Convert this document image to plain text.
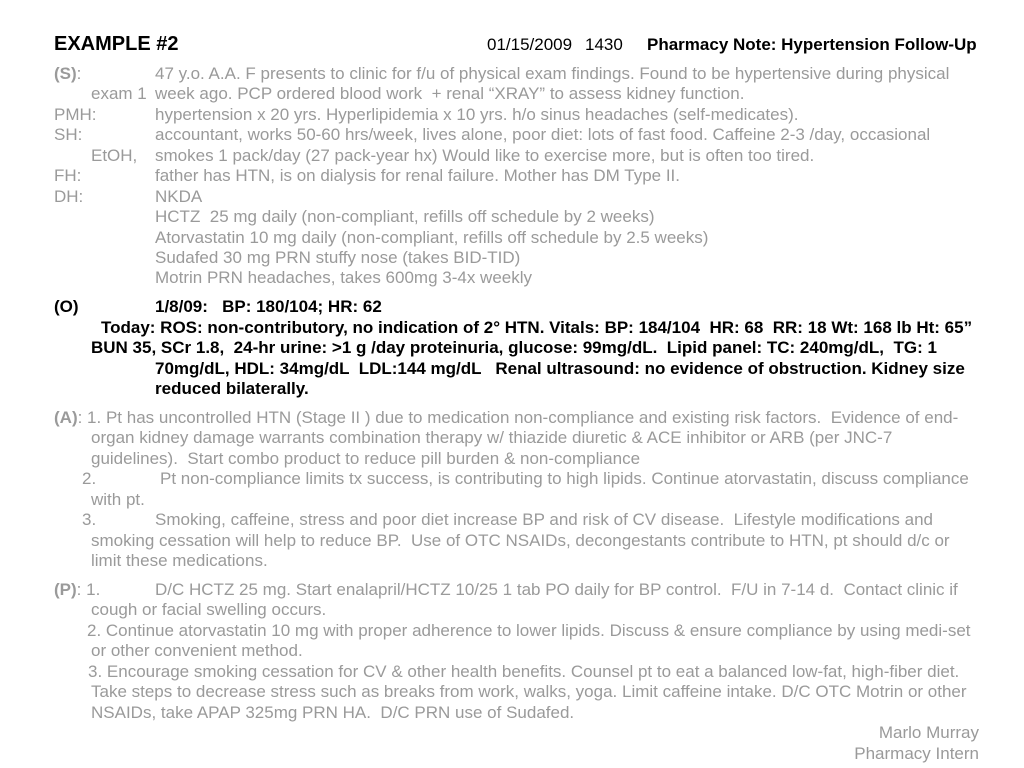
EXAMPLE #2	01/15/2009 1430 Pharmacy Note: Hypertension Follow-Up
(S):	47 y.o. A.A. F presents to clinic for f/u of physical exam findings. Found to be hypertensive during physical
exam 1 week ago. PCP ordered blood work  + renal “XRAY” to assess kidney function.
PMH:	hypertension x 20 yrs. Hyperlipidemia x 10 yrs. h/o sinus headaches (self-medicates).
SH:	accountant, works 50-60 hrs/week, lives alone, poor diet: lots of fast food. Caffeine 2-3 /day, occasional
EtOH, smokes 1 pack/day (27 pack-year hx) Would like to exercise more, but is often too tired.
FH:	father has HTN, is on dialysis for renal failure. Mother has DM Type II.
DH:	NKDA
HCTZ  25 mg daily (non-compliant, refills off schedule by 2 weeks)
Atorvastatin 10 mg daily (non-compliant, refills off schedule by 2.5 weeks)
Sudafed 30 mg PRN stuffy nose (takes BID-TID)
Motrin PRN headaches, takes 600mg 3-4x weekly
(O)	1/8/09:   BP: 180/104; HR: 62
Today: ROS: non-contributory, no indication of 2° HTN. Vitals: BP: 184/104  HR: 68  RR: 18 Wt: 168 lb Ht: 65”
BUN 35, SCr 1.8,  24-hr urine: >1 g /day proteinuria, glucose: 99mg/dL.  Lipid panel: TC: 240mg/dL,  TG: 1
70mg/dL, HDL: 34mg/dL  LDL:144 mg/dL   Renal ultrasound: no evidence of obstruction. Kidney size
reduced bilaterally.
(A): 1. Pt has uncontrolled HTN (Stage II ) due to medication non-compliance and existing risk factors.  Evidence of end-
organ kidney damage warrants combination therapy w/ thiazide diuretic & ACE inhibitor or ARB (per JNC-7
guidelines).  Start combo product to reduce pill burden & non-compliance
2.	Pt non-compliance limits tx success, is contributing to high lipids. Continue atorvastatin, discuss compliance
with pt.
3.	Smoking, caffeine, stress and poor diet increase BP and risk of CV disease.  Lifestyle modifications and
smoking cessation will help to reduce BP.  Use of OTC NSAIDs, decongestants contribute to HTN, pt should d/c or
limit these medications.
(P): 1.	D/C HCTZ 25 mg. Start enalapril/HCTZ 10/25 1 tab PO daily for BP control.  F/U in 7-14 d.  Contact clinic if
cough or facial swelling occurs.
2. Continue atorvastatin 10 mg with proper adherence to lower lipids. Discuss & ensure compliance by using medi-set
or other convenient method.
3. Encourage smoking cessation for CV & other health benefits. Counsel pt to eat a balanced low-fat, high-fiber diet.
Take steps to decrease stress such as breaks from work, walks, yoga. Limit caffeine intake. D/C OTC Motrin or other
NSAIDs, take APAP 325mg PRN HA.  D/C PRN use of Sudafed.
Marlo Murray
Pharmacy Intern
